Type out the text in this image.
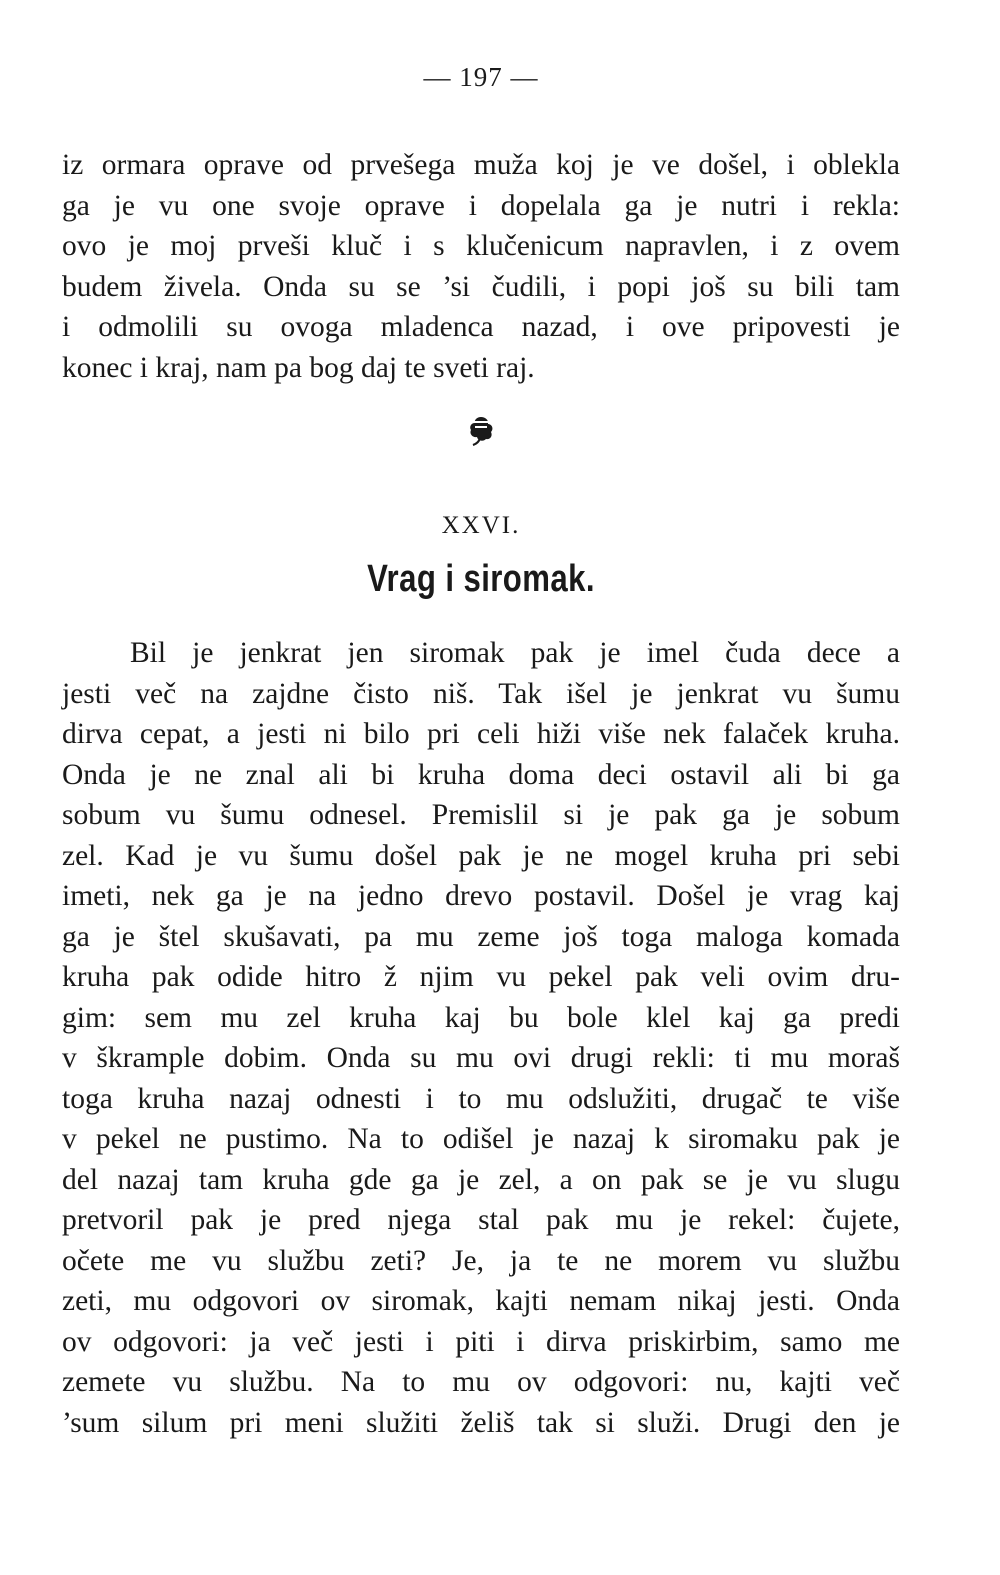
— 197 —

iz ormara oprave od prvešega muža koj je ve došel, i oblekla
ga je vu one svoje oprave i dopelala ga je nutri i rekla:
ovo je moj prveši kluč i s klučenicum napravlen, i z ovem
budem živela. Onda su se ’si čudili, i popi još su bili tam
i odmolili su ovoga mladenca nazad, i ove pripovesti je
konec i kraj, nam pa bog daj te sveti raj.

XXVI.
Vrag i siromak.

Bil je jenkrat jen siromak pak je imel čuda dece a
jesti več na zajdne čisto niš. Tak išel je jenkrat vu šumu
dirva cepat, a jesti ni bilo pri celi hiži više nek falaček kruha.
Onda je ne znal ali bi kruha doma deci ostavil ali bi ga
sobum vu šumu odnesel. Premislil si je pak ga je sobum
zel. Kad je vu šumu došel pak je ne mogel kruha pri sebi
imeti, nek ga je na jedno drevo postavil. Došel je vrag kaj
ga je štel skušavati, pa mu zeme još toga maloga komada
kruha pak odide hitro ž njim vu pekel pak veli ovim dru-
gim: sem mu zel kruha kaj bu bole klel kaj ga predi
v škrample dobim. Onda su mu ovi drugi rekli: ti mu moraš
toga kruha nazaj odnesti i to mu odslužiti, drugač te više
v pekel ne pustimo. Na to odišel je nazaj k siromaku pak je
del nazaj tam kruha gde ga je zel, a on pak se je vu slugu
pretvoril pak je pred njega stal pak mu je rekel: čujete,
očete me vu službu zeti? Je, ja te ne morem vu službu
zeti, mu odgovori ov siromak, kajti nemam nikaj jesti. Onda
ov odgovori: ja več jesti i piti i dirva priskirbim, samo me
zemete vu službu. Na to mu ov odgovori: nu, kajti več
’sum silum pri meni služiti želiš tak si služi. Drugi den je
